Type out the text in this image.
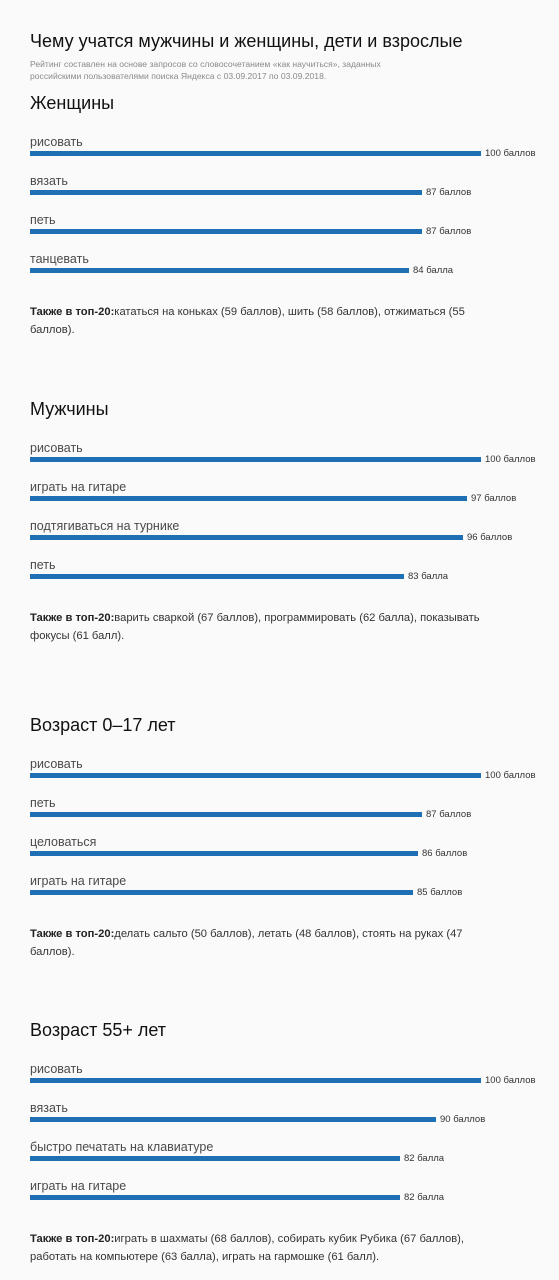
Чему учатся мужчины и женщины, дети и взрослые
Рейтинг составлен на основе запросов со словосочетанием «как научиться», заданных российскими пользователями поиска Яндекса с 03.09.2017 по 03.09.2018.
Женщины
рисовать
100 баллов
вязать
87 баллов
петь
87 баллов
танцевать
84 балла
Также в топ-20:кататься на коньках (59 баллов), шить (58 баллов), отжиматься (55 баллов).
Мужчины
рисовать
100 баллов
играть на гитаре
97 баллов
подтягиваться на турнике
96 баллов
петь
83 балла
Также в топ-20:варить сваркой (67 баллов), программировать (62 балла), показывать фокусы (61 балл).
Возраст 0–17 лет
рисовать
100 баллов
петь
87 баллов
целоваться
86 баллов
играть на гитаре
85 баллов
Также в топ-20:делать сальто (50 баллов), летать (48 баллов), стоять на руках (47 баллов).
Возраст 55+ лет
рисовать
100 баллов
вязать
90 баллов
быстро печатать на клавиатуре
82 балла
играть на гитаре
82 балла
Также в топ-20:играть в шахматы (68 баллов), собирать кубик Рубика (67 баллов), работать на компьютере (63 балла), играть на гармошке (61 балл).
